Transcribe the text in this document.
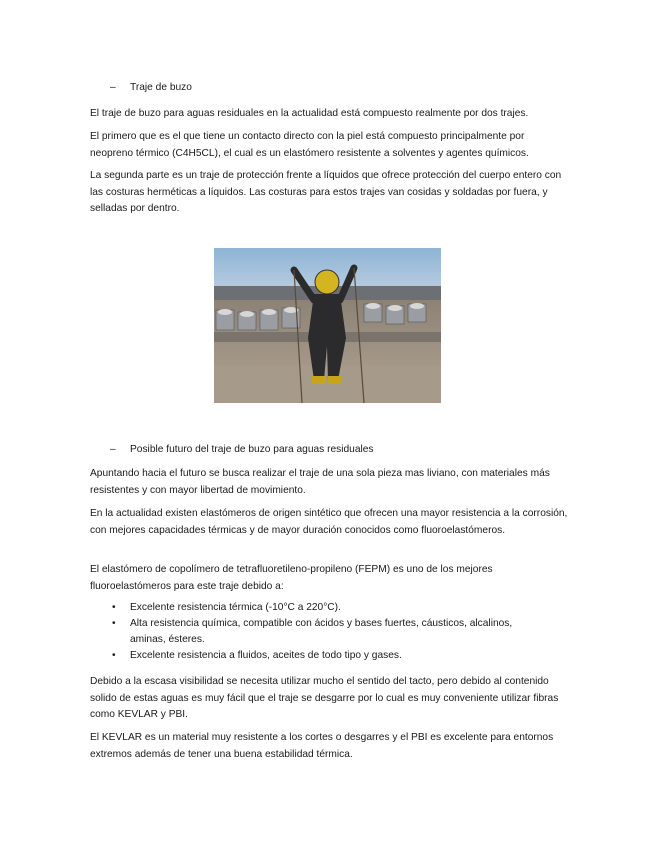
– Traje de buzo

El traje de buzo para aguas residuales en la actualidad está compuesto realmente por dos trajes.

El primero que es el que tiene un contacto directo con la piel está compuesto principalmente por neopreno térmico (C4H5CL), el cual es un elastómero resistente a solventes y agentes químicos.

La segunda parte es un traje de protección frente a líquidos que ofrece protección del cuerpo entero con las costuras herméticas a líquidos. Las costuras para estos trajes van cosidas y soldadas por fuera, y selladas por dentro.

– Posible futuro del traje de buzo para aguas residuales

Apuntando hacia el futuro se busca realizar el traje de una sola pieza mas liviano, con materiales más resistentes y con mayor libertad de movimiento.

En la actualidad existen elastómeros de origen sintético que ofrecen una mayor resistencia a la corrosión, con mejores capacidades térmicas y de mayor duración conocidos como fluoroelastómeros.

El elastómero de copolímero de tetrafluoretileno-propileno (FEPM) es uno de los mejores fluoroelastómeros para este traje debido a:

• Excelente resistencia térmica (-10°C a 220°C).
• Alta resistencia química, compatible con ácidos y bases fuertes, cáusticos, alcalinos, aminas, ésteres.
• Excelente resistencia a fluidos, aceites de todo tipo y gases.

Debido a la escasa visibilidad se necesita utilizar mucho el sentido del tacto, pero debido al contenido solido de estas aguas es muy fácil que el traje se desgarre por lo cual es muy conveniente utilizar fibras como KEVLAR y PBI.

El KEVLAR es un material muy resistente a los cortes o desgarres y el PBI es excelente para entornos extremos además de tener una buena estabilidad térmica.
